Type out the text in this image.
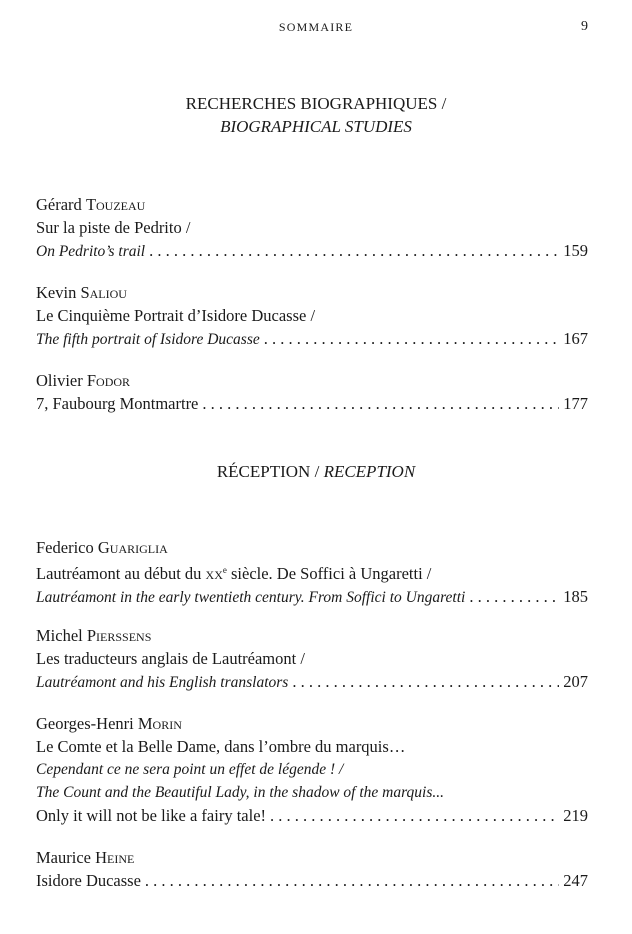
SOMMAIRE	9
RECHERCHES BIOGRAPHIQUES /
BIOGRAPHICAL STUDIES
Gérard Touzeau
Sur la piste de Pedrito /
On Pedrito’s trail . . .	159
Kevin Saliou
Le Cinquième Portrait d’Isidore Ducasse /
The fifth portrait of Isidore Ducasse . . .	167
Olivier Fodor
7, Faubourg Montmartre . . .	177
RÉCEPTION / RECEPTION
Federico Guariglia
Lautréamont au début du $xx^e$ siècle. De Soffici à Ungaretti /
Lautréamont in the early twentieth century. From Soffici to Ungaretti . . .	185
Michel Pierssens
Les traducteurs anglais de Lautréamont /
Lautréamont and his English translators . . .	207
Georges-Henri Morin
Le Comte et la Belle Dame, dans l’ombre du marquis…
Cependant ce ne sera point un effet de légende ! /
The Count and the Beautiful Lady, in the shadow of the marquis...
Only it will not be like a fairy tale! . . .	219
Maurice Heine
Isidore Ducasse . . .	247
